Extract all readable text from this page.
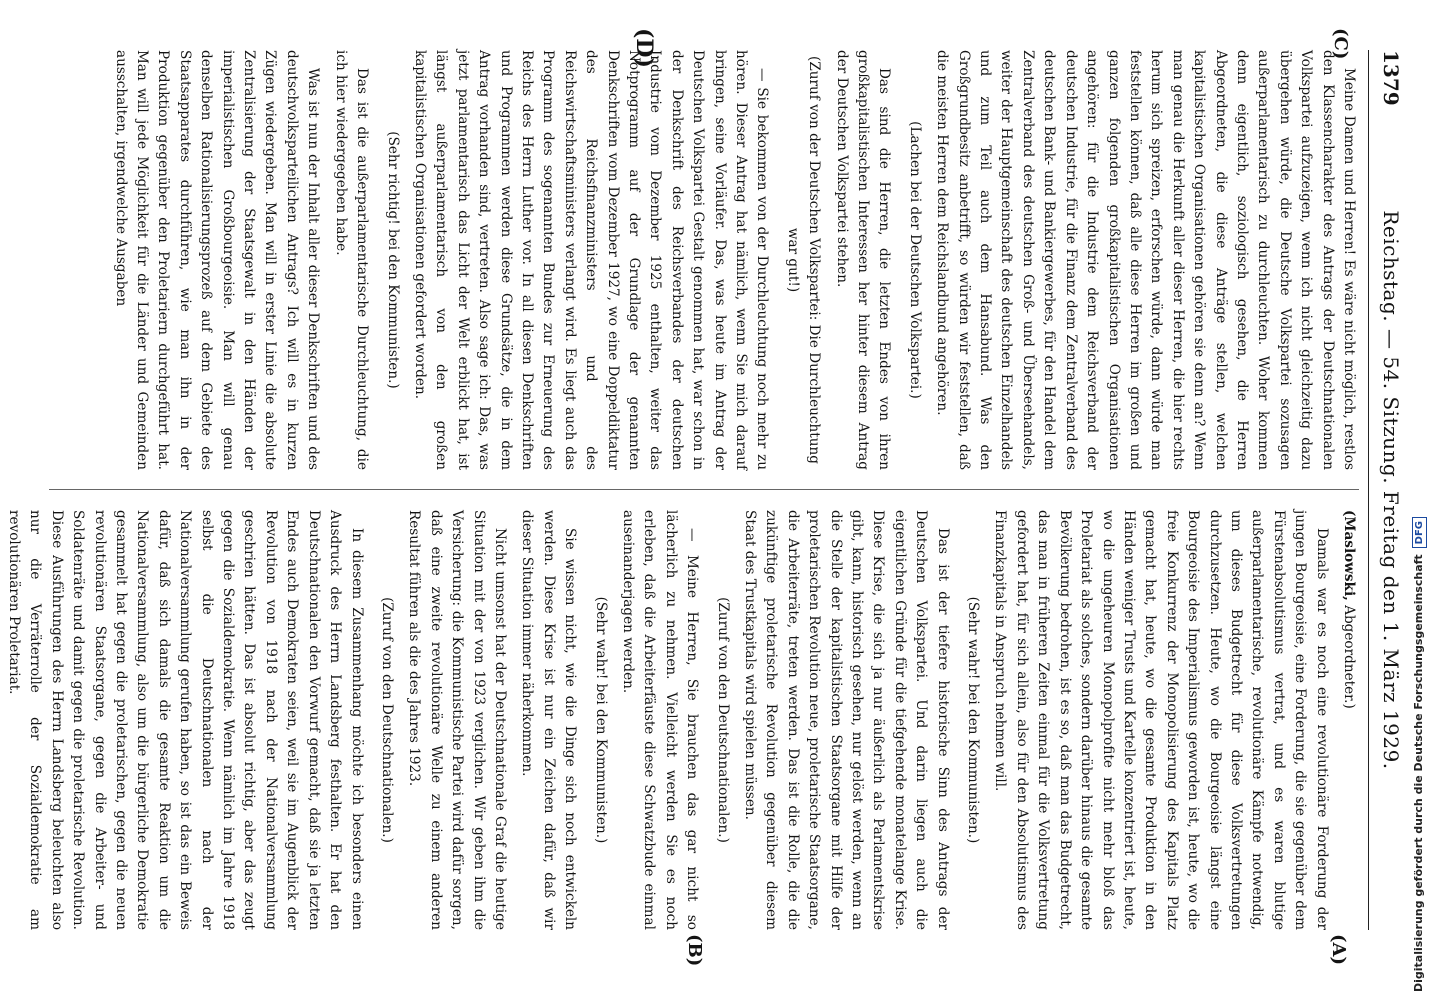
1379
Reichstag. — 54. Sitzung. Freitag den 1. März 1929.
(C)
(D)
(A)
(B)

Meine Damen und Herren! Es wäre nicht möglich, restlos den Klassencharakter des Antrags der Deutschnationalen Volkspartei aufzuzeigen, wenn ich nicht gleichzeitig dazu übergehen würde, die Deutsche Volkspartei sozusagen außerparlamentarisch zu durchleuchten. Woher kommen denn eigentlich, soziologisch gesehen, die Herren Abgeordneten, die diese Anträge stellen, welchen kapitalistischen Organisationen gehören sie denn an? Wenn man genau die Herkunft aller dieser Herren, die hier rechts herum sich spreizen, erforschen würde, dann würde man feststellen können, daß alle diese Herren im großen und ganzen folgenden großkapitalistischen Organisationen angehören: für die Industrie dem Reichsverband der deutschen Industrie, für die Finanz dem Zentralverband des deutschen Bank- und Bankiergewerbes, für den Handel dem Zentralverband des deutschen Groß- und Überseehandels, weiter der Hauptgemeinschaft des deutschen Einzelhandels und zum Teil auch dem Hansabund. Was den Großgrundbesitz anbetrifft, so würden wir feststellen, daß die meisten Herren dem Reichslandbund angehören.

(Lachen bei der Deutschen Volkspartei.)

Das sind die Herren, die letzten Endes von ihren großkapitalistischen Interessen her hinter diesem Antrag der Deutschen Volkspartei stehen.

(Zuruf von der Deutschen Volkspartei: Die Durchleuchtung war gut!)

— Sie bekommen von der Durchleuchtung noch mehr zu hören. Dieser Antrag hat nämlich, wenn Sie mich darauf bringen, seine Vorläufer. Das, was heute im Antrag der Deutschen Volkspartei Gestalt genommen hat, war schon in der Denkschrift des Reichsverbandes der deutschen Industrie vom Dezember 1925 enthalten, weiter das Notprogramm auf der Grundlage der genannten Denkschriften vom Dezember 1927, wo eine Doppeldiktatur des Reichsfinanzministers und des Reichswirtschaftsministers verlangt wird. Es liegt auch das Programm des sogenannten Bundes zur Erneuerung des Reichs des Herrn Luther vor. In all diesen Denkschriften und Programmen werden diese Grundsätze, die in dem Antrag vorhanden sind, vertreten. Also sage ich: Das, was jetzt parlamentarisch das Licht der Welt erblickt hat, ist längst außerparlamentarisch von den großen kapitalistischen Organisationen gefordert worden.

(Sehr richtig! bei den Kommunisten.)

Das ist die außerparlamentarische Durchleuchtung, die ich hier wiedergegeben habe.

Was ist nun der Inhalt aller dieser Denkschriften und des deutschvolksparteilichen Antrags? Ich will es in kurzen Zügen wiedergeben. Man will in erster Linie die absolute Zentralisierung der Staatsgewalt in den Händen der imperialistischen Großbourgeoisie. Man will genau denselben Rationalisierungsprozeß auf dem Gebiete des Staatsapparates durchführen, wie man ihn in der Produktion gegenüber den Proletariern durchgeführt hat. Man will jede Möglichkeit für die Länder und Gemeinden ausschalten, irgendwelche Ausgaben

(Maslowski, Abgeordneter.)

Damals war es noch eine revolutionäre Forderung der jungen Bourgeoisie, eine Forderung, die sie gegenüber dem Fürstenabsolutismus vertrat, und es waren blutige außerparlamentarische, revolutionäre Kämpfe notwendig, um dieses Budgetrecht für diese Volksvertretungen durchzusetzen. Heute, wo die Bourgeoisie längst eine Bourgeoisie des Imperialismus geworden ist, heute, wo die freie Konkurrenz der Monopolisierung des Kapitals Platz gemacht hat, heute, wo die gesamte Produktion in den Händen weniger Trusts und Kartelle konzentriert ist, heute, wo die ungeheuren Monopolprofite nicht mehr bloß das Proletariat als solches, sondern darüber hinaus die gesamte Bevölkerung bedrohen, ist es so, daß man das Budgetrecht, das man in früheren Zeiten einmal für die Volksvertretung gefordert hat, für sich allein, also für den Absolutismus des Finanzkapitals in Anspruch nehmen will.

(Sehr wahr! bei den Kommunisten.)

Das ist der tiefere historische Sinn des Antrags der Deutschen Volkspartei. Und darin liegen auch die eigentlichen Gründe für die tiefgehende monatelange Krise. Diese Krise, die sich ja nur äußerlich als Parlamentskrise gibt, kann, historisch gesehen, nur gelöst werden, wenn an die Stelle der kapitalistischen Staatsorgane mit Hilfe der proletarischen Revolution neue, proletarische Staatsorgane, die Arbeiterräte, treten werden. Das ist die Rolle, die die zukünftige proletarische Revolution gegenüber diesem Staat des Trustkapitals wird spielen müssen.

(Zuruf von den Deutschnationalen.)

— Meine Herren, Sie brauchen das gar nicht so lächerlich zu nehmen. Vielleicht werden Sie es noch erleben, daß die Arbeiterfäuste diese Schwatzbude einmal auseinanderjagen werden.

(Sehr wahr! bei den Kommunisten.)

Sie wissen nicht, wie die Dinge sich noch entwickeln werden. Diese Krise ist nur ein Zeichen dafür, daß wir dieser Situation immer näherkommen.

Nicht umsonst hat der Deutschnationale Graf die heutige Situation mit der von 1923 verglichen. Wir geben ihm die Versicherung: die Kommunistische Partei wird dafür sorgen, daß eine zweite revolutionäre Welle zu einem anderen Resultat führen als die des Jahres 1923.

(Zuruf von den Deutschnationalen.)

In diesem Zusammenhang möchte ich besonders einen Ausdruck des Herrn Landsberg festhalten. Er hat den Deutschnationalen den Vorwurf gemacht, daß sie ja letzten Endes auch Demokraten seien, weil sie im Augenblick der Revolution von 1918 nach der Nationalversammlung geschrien hätten. Das ist absolut richtig, aber das zeugt gegen die Sozialdemokratie. Wenn nämlich im Jahre 1918 selbst die Deutschnationalen nach der Nationalversammlung gerufen haben, so ist das ein Beweis dafür, daß sich damals die gesamte Reaktion um die Nationalversammlung, also um die bürgerliche Demokratie gesammelt hat gegen die proletarischen, gegen die neuen revolutionären Staatsorgane, gegen die Arbeiter- und Soldatenräte und damit gegen die proletarische Revolution. Diese Ausführungen des Herrn Landsberg beleuchten also nur die Verräterrolle der Sozialdemokratie am revolutionären Proletariat.	Digitalisierung gefördert durch die Deutsche ForschungsgemeinschaftDFG
